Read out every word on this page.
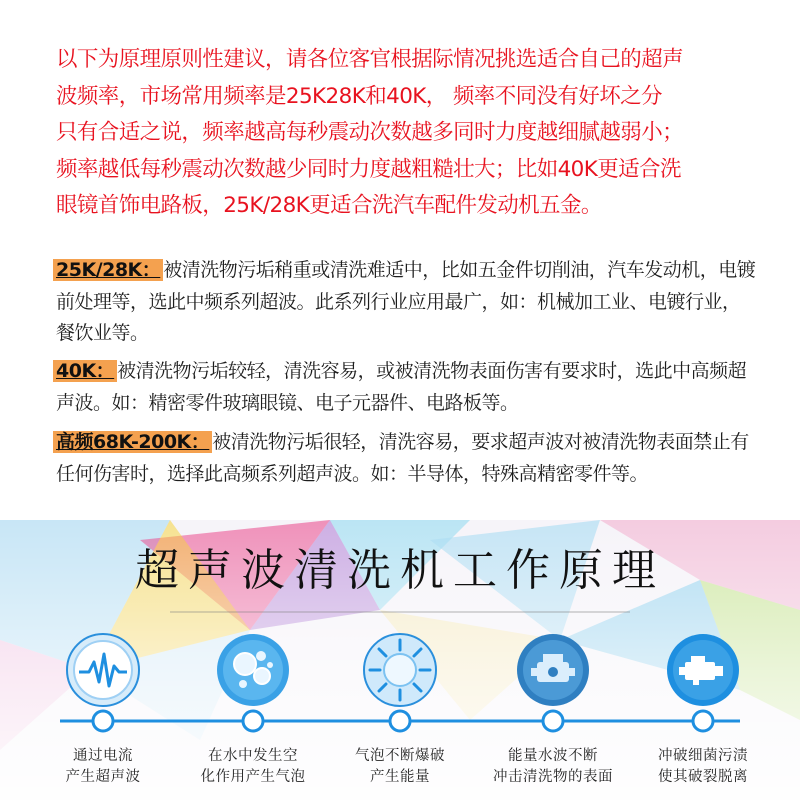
以下为原理原则性建议，请各位客官根据际情况挑选适合自己的超声
波频率，市场常用频率是25K28K和40K， 频率不同没有好坏之分
只有合适之说，频率越高每秒震动次数越多同时力度越细腻越弱小；
频率越低每秒震动次数越少同时力度越粗糙壮大；比如40K更适合洗
眼镜首饰电路板，25K/28K更适合洗汽车配件发动机五金。

25K/28K： 被清洗物污垢稍重或清洗难适中，比如五金件切削油，汽车发动机，电镀前处理等，选此中频系列超波。此系列行业应用最广，如：机械加工业、电镀行业，餐饮业等。

40K： 被清洗物污垢较轻，清洗容易，或被清洗物表面伤害有要求时，选此中高频超声波。如：精密零件玻璃眼镜、电子元器件、电路板等。

高频68K-200K： 被清洗物污垢很轻，清洗容易，要求超声波对被清洗物表面禁止有任何伤害时，选择此高频系列超声波。如：半导体，特殊高精密零件等。

超声波清洗机工作原理
通过电流
产生超声波
在水中发生空
化作用产生气泡
气泡不断爆破
产生能量
能量水波不断
冲击清洗物的表面
冲破细菌污渍
使其破裂脱离
